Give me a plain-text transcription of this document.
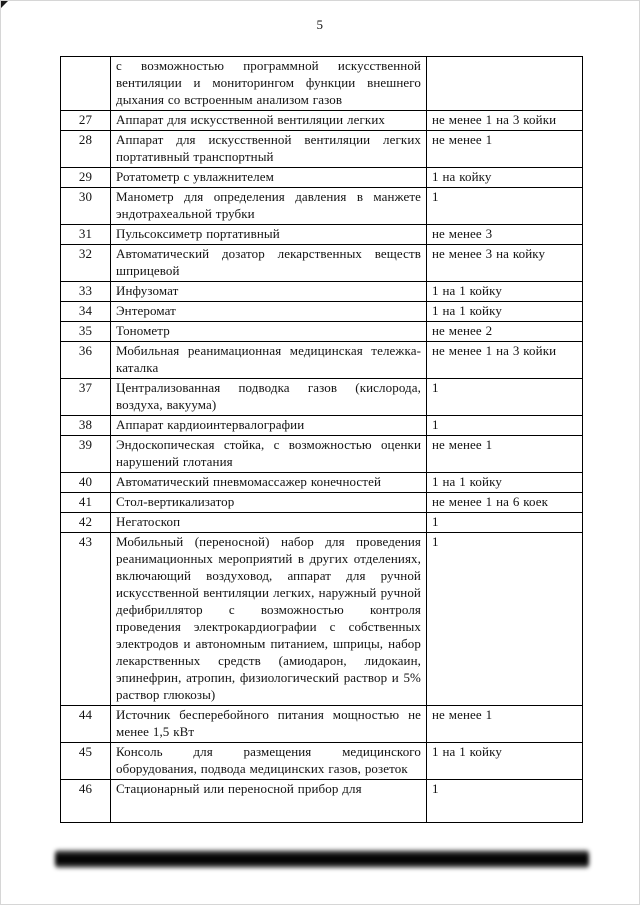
5
	с возможностью программной искусственной вентиляции и мониторингом функции внешнего дыхания со встроенным анализом газов	
27	Аппарат для искусственной вентиляции легких	не менее 1 на 3 койки
28	Аппарат для искусственной вентиляции легких портативный транспортный	не менее 1
29	Ротатометр с увлажнителем	1 на койку
30	Манометр для определения давления в манжете эндотрахеальной трубки	1
31	Пульсоксиметр портативный	не менее 3
32	Автоматический дозатор лекарственных веществ шприцевой	не менее 3 на койку
33	Инфузомат	1 на 1 койку
34	Энтеромат	1 на 1 койку
35	Тонометр	не менее 2
36	Мобильная реанимационная медицинская тележка-каталка	не менее 1 на 3 койки
37	Централизованная подводка газов (кислорода, воздуха, вакуума)	1
38	Аппарат кардиоинтервалографии	1
39	Эндоскопическая стойка, с возможностью оценки нарушений глотания	не менее 1
40	Автоматический пневмомассажер конечностей	1 на 1 койку
41	Стол-вертикализатор	не менее 1 на 6 коек
42	Негатоскоп	1
43	Мобильный (переносной) набор для проведения реанимационных мероприятий в других отделениях, включающий воздуховод, аппарат для ручной искусственной вентиляции легких, наружный ручной дефибриллятор с возможностью контроля проведения электрокардиографии с собственных электродов и автономным питанием, шприцы, набор лекарственных средств (амиодарон, лидокаин, эпинефрин, атропин, физиологический раствор и 5% раствор глюкозы)	1
44	Источник бесперебойного питания мощностью не менее 1,5 кВт	не менее 1
45	Консоль для размещения медицинского оборудования, подвода медицинских газов, розеток	1 на 1 койку
46	Стационарный или переносной прибор для	1
